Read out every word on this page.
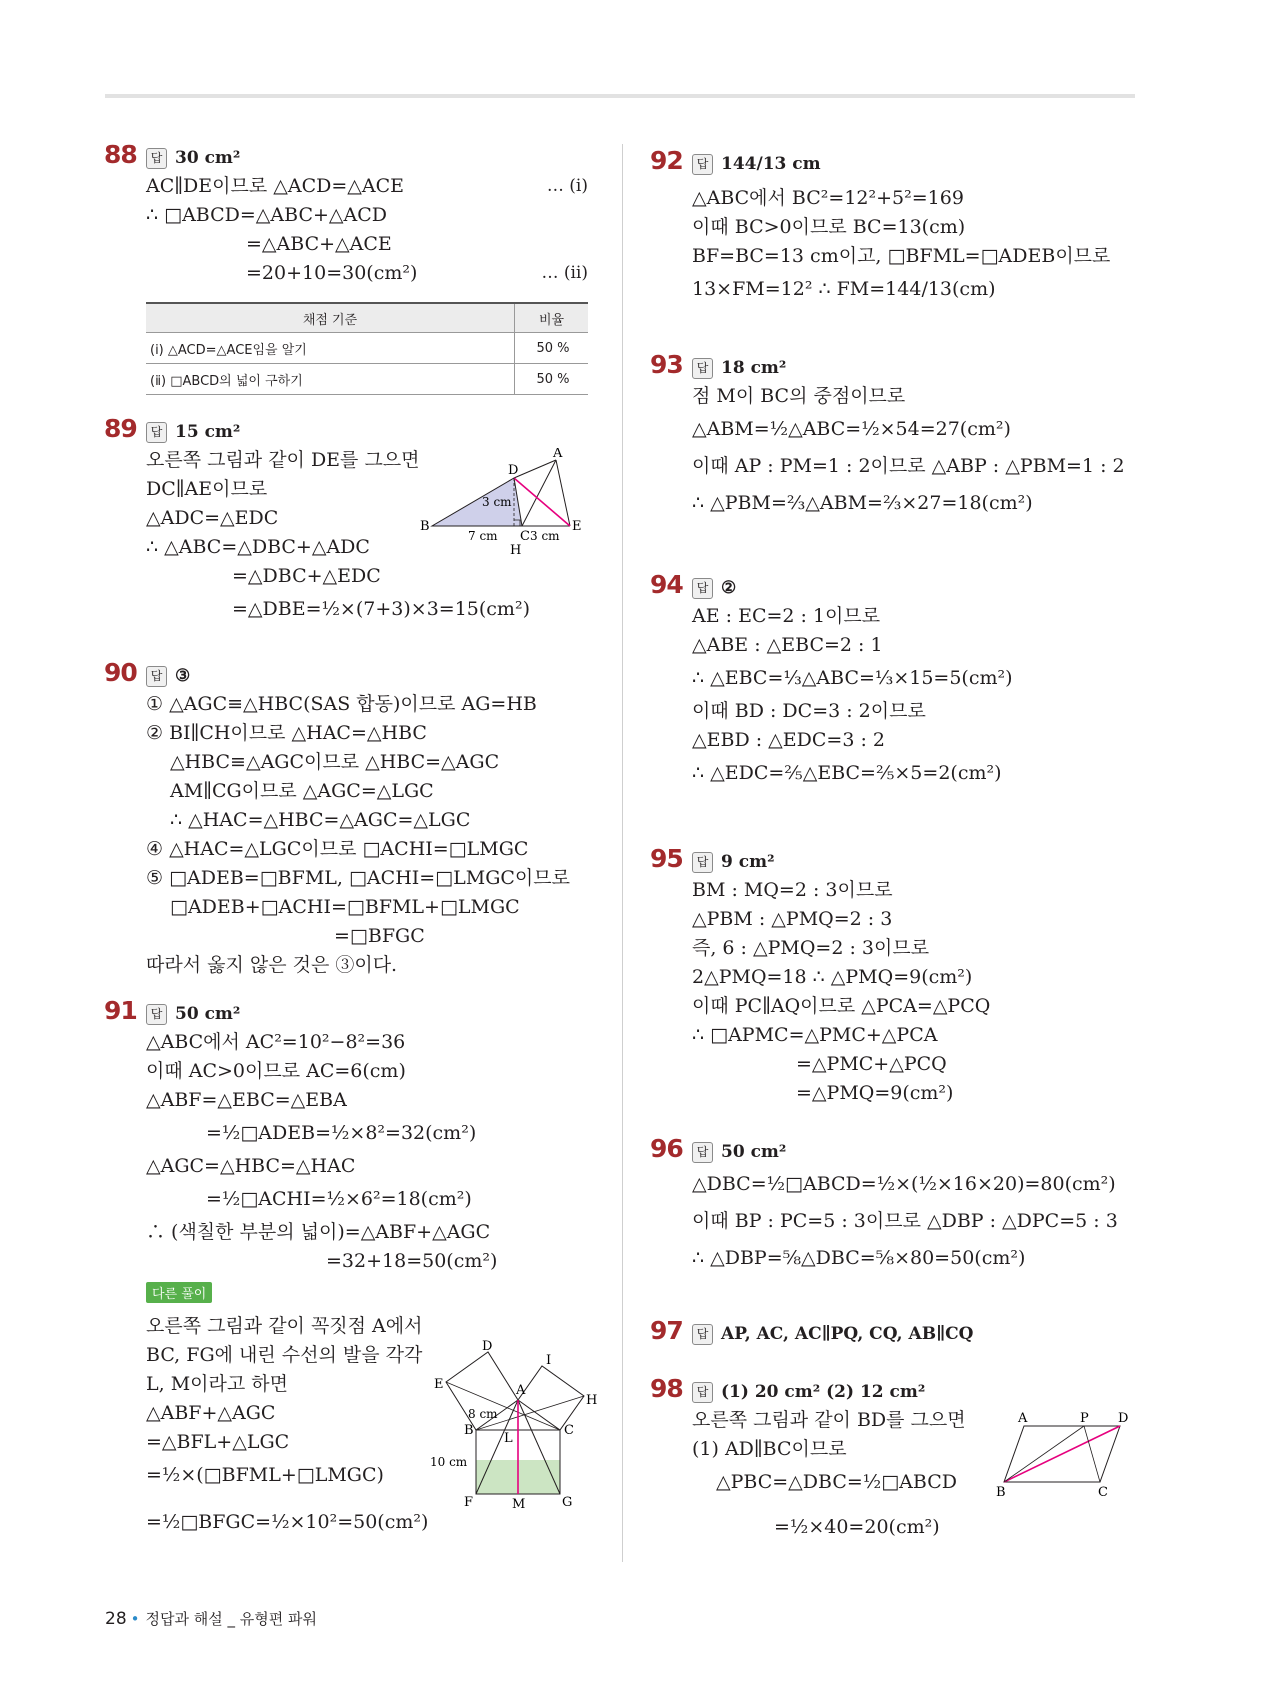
88	답 30 cm²
AC∥DE이므로 △ACD=△ACE	… (ⅰ)
∴ □ABCD=△ABC+△ACD
=△ABC+△ACE
=20+10=30(cm²)	… (ⅱ)
채점 기준	비율
(ⅰ) △ACD=△ACE임을 알기	50 %
(ⅱ) □ABCD의 넓이 구하기	50 %
89	답 15 cm²
오른쪽 그림과 같이 DE를 그으면
DC∥AE이므로
△ADC=△EDC
∴ △ABC=△DBC+△ADC
=△DBC+△EDC
=△DBE=½×(7+3)×3=15(cm²)
B
D
A
E
C
H
3 cm
7 cm	3 cm
90	답 ③
① △AGC≡△HBC(SAS 합동)이므로 AG=HB
② BI∥CH이므로 △HAC=△HBC
△HBC≡△AGC이므로 △HBC=△AGC
AM∥CG이므로 △AGC=△LGC
∴ △HAC=△HBC=△AGC=△LGC
④ △HAC=△LGC이므로 □ACHI=□LMGC
⑤ □ADEB=□BFML, □ACHI=□LMGC이므로
□ADEB+□ACHI=□BFML+□LMGC
=□BFGC
따라서 옳지 않은 것은 ③이다.
91	답 50 cm²
△ABC에서 AC²=10²−8²=36
이때 AC>0이므로 AC=6(cm)
△ABF=△EBC=△EBA
=½□ADEB=½×8²=32(cm²)
△AGC=△HBC=△HAC
=½□ACHI=½×6²=18(cm²)
∴ (색칠한 부분의 넓이)=△ABF+△AGC
=32+18=50(cm²)
다른 풀이
오른쪽 그림과 같이 꼭짓점 A에서
BC, FG에 내린 수선의 발을 각각
L, M이라고 하면
△ABF+△AGC
=△BFL+△LGC
=½×(□BFML+□LMGC)
=½□BFGC=½×10²=50(cm²)
D
E	A
I
H
B	C
L
F	G
M
8 cm
10 cm
92	답 144/13 cm
△ABC에서 BC²=12²+5²=169
이때 BC>0이므로 BC=13(cm)
BF=BC=13 cm이고, □BFML=□ADEB이므로
13×FM=12² ∴ FM=144/13(cm)
93	답 18 cm²
점 M이 BC의 중점이므로
△ABM=½△ABC=½×54=27(cm²)
이때 AP : PM=1 : 2이므로 △ABP : △PBM=1 : 2
∴ △PBM=⅔△ABM=⅔×27=18(cm²)
94	답 ②
AE : EC=2 : 1이므로
△ABE : △EBC=2 : 1
∴ △EBC=⅓△ABC=⅓×15=5(cm²)
이때 BD : DC=3 : 2이므로
△EBD : △EDC=3 : 2
∴ △EDC=⅖△EBC=⅖×5=2(cm²)
95	답 9 cm²
BM : MQ=2 : 3이므로
△PBM : △PMQ=2 : 3
즉, 6 : △PMQ=2 : 3이므로
2△PMQ=18 ∴ △PMQ=9(cm²)
이때 PC∥AQ이므로 △PCA=△PCQ
∴ □APMC=△PMC+△PCA
=△PMC+△PCQ
=△PMQ=9(cm²)
96	답 50 cm²
△DBC=½□ABCD=½×(½×16×20)=80(cm²)
이때 BP : PC=5 : 3이므로 △DBP : △DPC=5 : 3
∴ △DBP=⅝△DBC=⅝×80=50(cm²)
97	답 AP, AC, AC∥PQ, CQ, AB∥CQ
98	답 (1) 20 cm² (2) 12 cm²
오른쪽 그림과 같이 BD를 그으면
(1) AD∥BC이므로
△PBC=△DBC=½□ABCD
=½×40=20(cm²)
A	P D
B	C
28 • 정답과 해설 _ 유형편 파워
